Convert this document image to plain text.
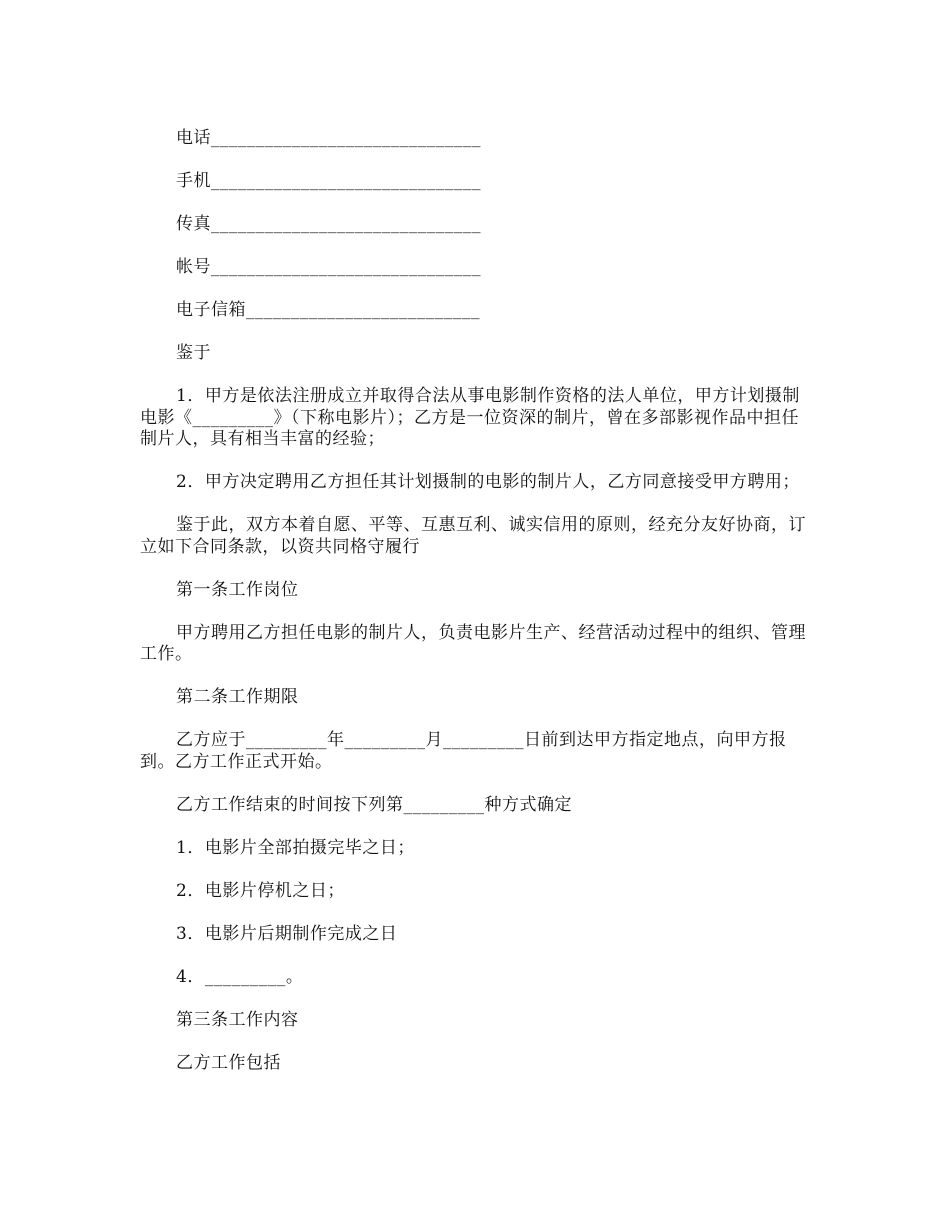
电话______________________________
手机______________________________
传真______________________________
帐号______________________________
电子信箱__________________________

鉴于

1．甲方是依法注册成立并取得合法从事电影制作资格的法人单位，甲方计划摄制电影《_________》（下称电影片）；乙方是一位资深的制片，曾在多部影视作品中担任制片人，具有相当丰富的经验；

2．甲方决定聘用乙方担任其计划摄制的电影的制片人，乙方同意接受甲方聘用；

鉴于此，双方本着自愿、平等、互惠互利、诚实信用的原则，经充分友好协商，订立如下合同条款，以资共同格守履行

第一条工作岗位

甲方聘用乙方担任电影的制片人，负责电影片生产、经营活动过程中的组织、管理工作。

第二条工作期限

乙方应于_________年_________月_________日前到达甲方指定地点，向甲方报到。乙方工作正式开始。

乙方工作结束的时间按下列第_________种方式确定

1．电影片全部拍摄完毕之日；

2．电影片停机之日；

3．电影片后期制作完成之日

4．_________。

第三条工作内容

乙方工作包括
